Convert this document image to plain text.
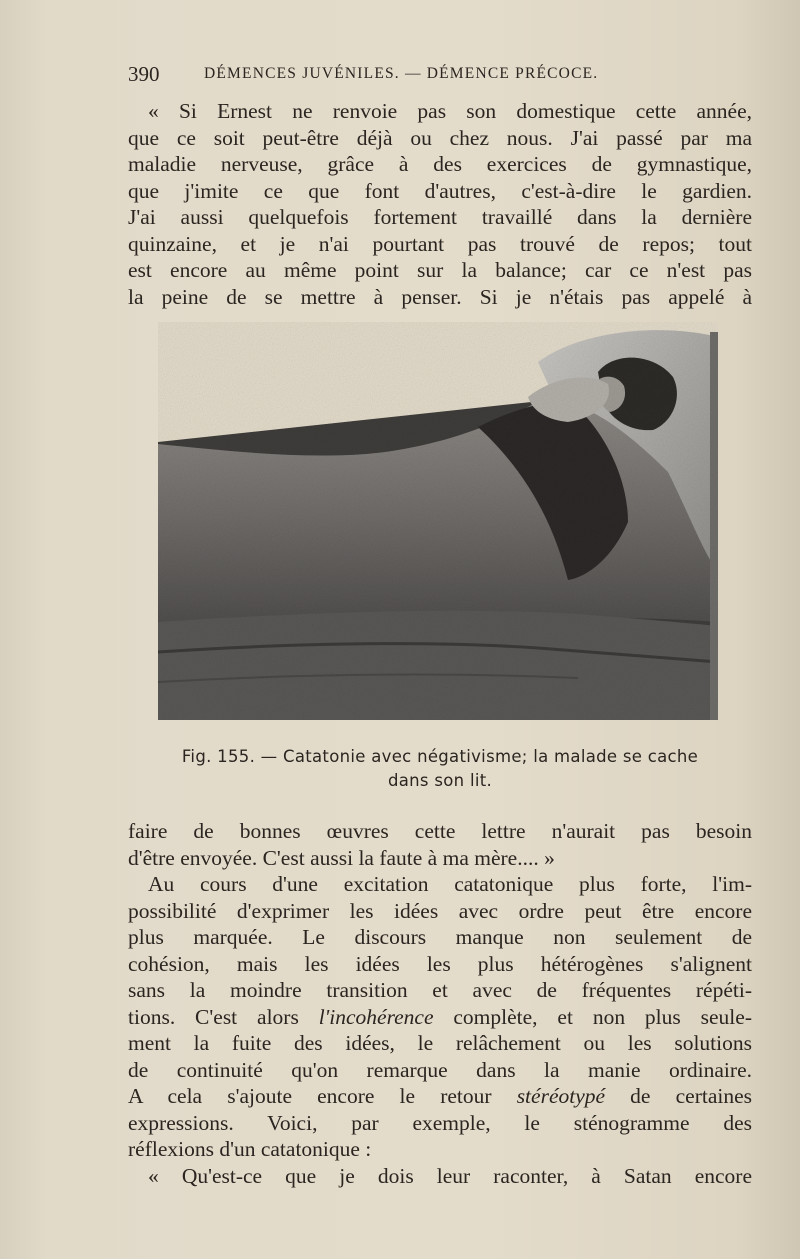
390	DÉMENCES JUVÉNILES. — DÉMENCE PRÉCOCE.
« Si Ernest ne renvoie pas son domestique cette année,
que ce soit peut-être déjà ou chez nous. J'ai passé par ma
maladie nerveuse, grâce à des exercices de gymnastique,
que j'imite ce que font d'autres, c'est-à-dire le gardien.
J'ai aussi quelquefois fortement travaillé dans la dernière
quinzaine, et je n'ai pourtant pas trouvé de repos; tout
est encore au même point sur la balance; car ce n'est pas
la peine de se mettre à penser. Si je n'étais pas appelé à
Fig. 155. — Catatonie avec négativisme; la malade se cache
dans son lit.
faire de bonnes œuvres cette lettre n'aurait pas besoin
d'être envoyée. C'est aussi la faute à ma mère.... »
Au cours d'une excitation catatonique plus forte, l'im-
possibilité d'exprimer les idées avec ordre peut être encore
plus marquée. Le discours manque non seulement de
cohésion, mais les idées les plus hétérogènes s'alignent
sans la moindre transition et avec de fréquentes répéti-
tions. C'est alors l'incohérence complète, et non plus seule-
ment la fuite des idées, le relâchement ou les solutions
de continuité qu'on remarque dans la manie ordinaire.
A cela s'ajoute encore le retour stéréotypé de certaines
expressions. Voici, par exemple, le sténogramme des
réflexions d'un catatonique :
« Qu'est-ce que je dois leur raconter, à Satan encore
